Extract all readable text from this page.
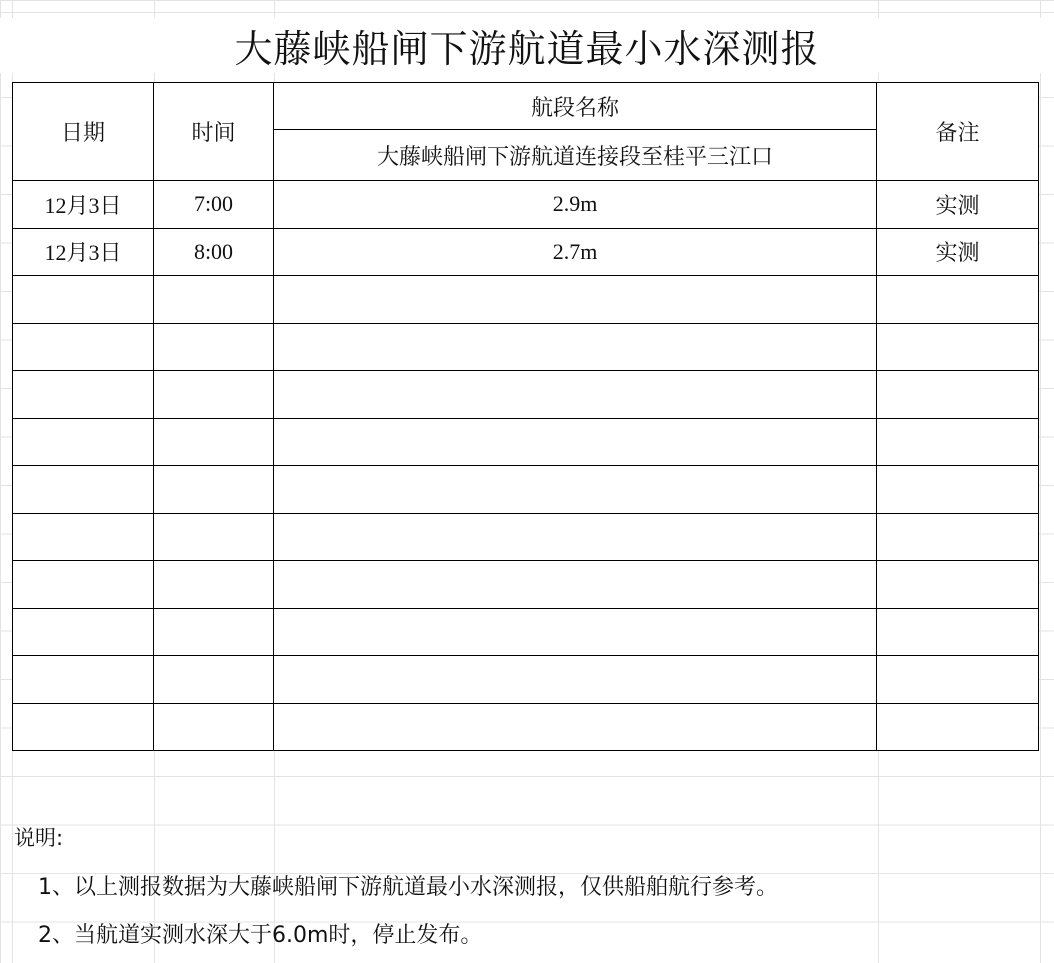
大藤峡船闸下游航道最小水深测报
日期	时间	航段名称	备注
		大藤峡船闸下游航道连接段至桂平三江口	
12月3日	7:00	2.9m	实测
12月3日	8:00	2.7m	实测

说明:
1、以上测报数据为大藤峡船闸下游航道最小水深测报，仅供船舶航行参考。
2、当航道实测水深大于6.0m时，停止发布。
